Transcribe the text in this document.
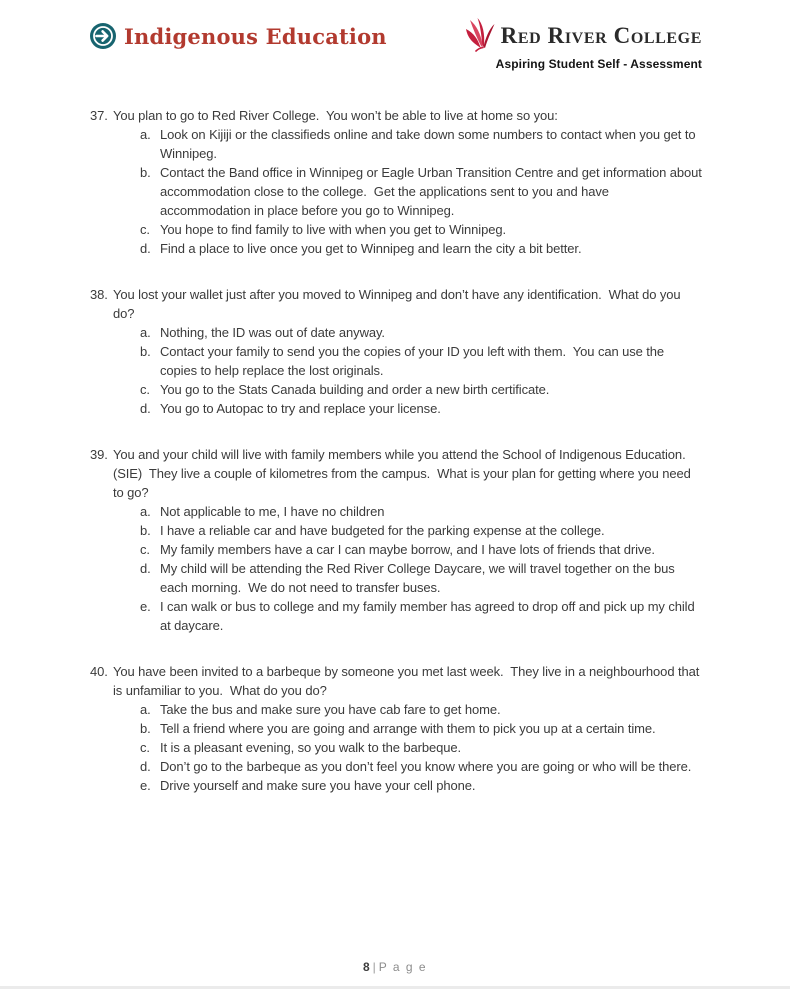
Indigenous Education	Red River College
Aspiring Student Self - Assessment
37. You plan to go to Red River College.  You won’t be able to live at home so you:
a. Look on Kijiji or the classifieds online and take down some numbers to contact when you get to Winnipeg.
b. Contact the Band office in Winnipeg or Eagle Urban Transition Centre and get information about accommodation close to the college.  Get the applications sent to you and have accommodation in place before you go to Winnipeg.
c. You hope to find family to live with when you get to Winnipeg.
d. Find a place to live once you get to Winnipeg and learn the city a bit better.
38. You lost your wallet just after you moved to Winnipeg and don’t have any identification.  What do you do?
a. Nothing, the ID was out of date anyway.
b. Contact your family to send you the copies of your ID you left with them.  You can use the copies to help replace the lost originals.
c. You go to the Stats Canada building and order a new birth certificate.
d. You go to Autopac to try and replace your license.
39. You and your child will live with family members while you attend the School of Indigenous Education. (SIE)  They live a couple of kilometres from the campus.  What is your plan for getting where you need to go?
a. Not applicable to me, I have no children
b. I have a reliable car and have budgeted for the parking expense at the college.
c. My family members have a car I can maybe borrow, and I have lots of friends that drive.
d. My child will be attending the Red River College Daycare, we will travel together on the bus each morning.  We do not need to transfer buses.
e. I can walk or bus to college and my family member has agreed to drop off and pick up my child at daycare.
40. You have been invited to a barbeque by someone you met last week.  They live in a neighbourhood that is unfamiliar to you.  What do you do?
a. Take the bus and make sure you have cab fare to get home.
b. Tell a friend where you are going and arrange with them to pick you up at a certain time.
c. It is a pleasant evening, so you walk to the barbeque.
d. Don’t go to the barbeque as you don’t feel you know where you are going or who will be there.
e. Drive yourself and make sure you have your cell phone.
8 | P a g e
